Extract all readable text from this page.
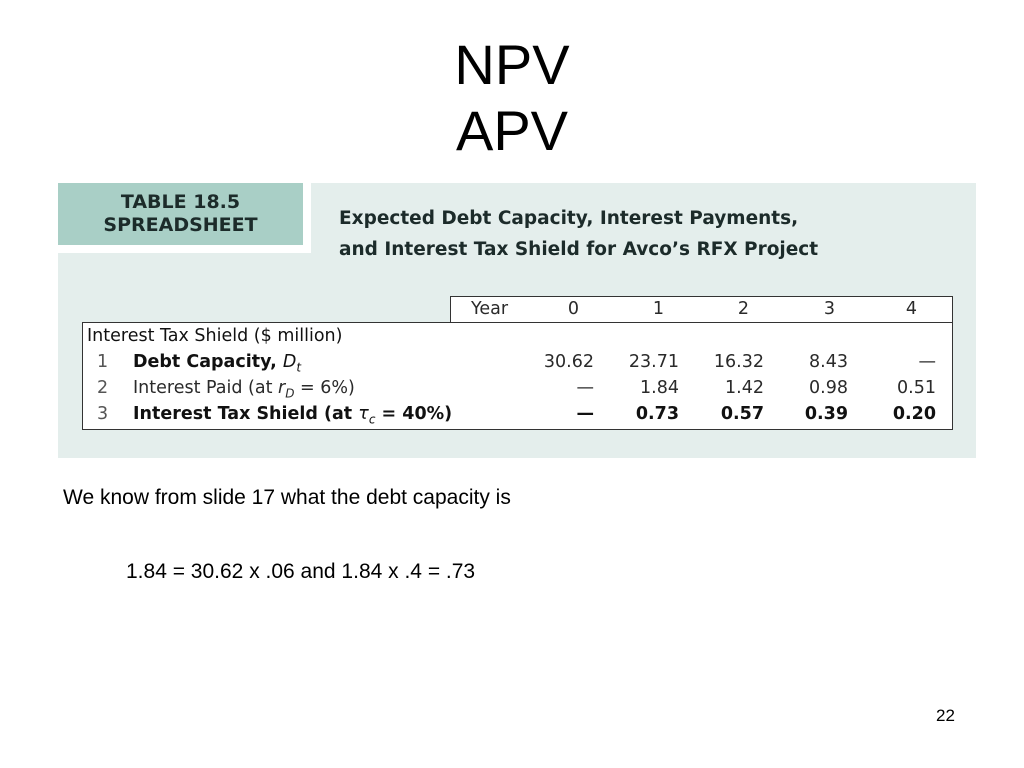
NPV
APV
TABLE 18.5
SPREADSHEET	Expected Debt Capacity, Interest Payments,
and Interest Tax Shield for Avco’s RFX Project
Year	0	1	2	3	4
Interest Tax Shield ($ million)
1 Debt Capacity, $D_t$	30.62	23.71	16.32	8.43	—
2 Interest Paid (at $r_D = 6\%$)	—	1.84	1.42	0.98	0.51
3 Interest Tax Shield (at $\tau_c = 40\%$)	—	0.73	0.57	0.39	0.20
We know from slide 17 what the debt capacity is
1.84 = 30.62 x .06 and 1.84 x .4 = .73
22
